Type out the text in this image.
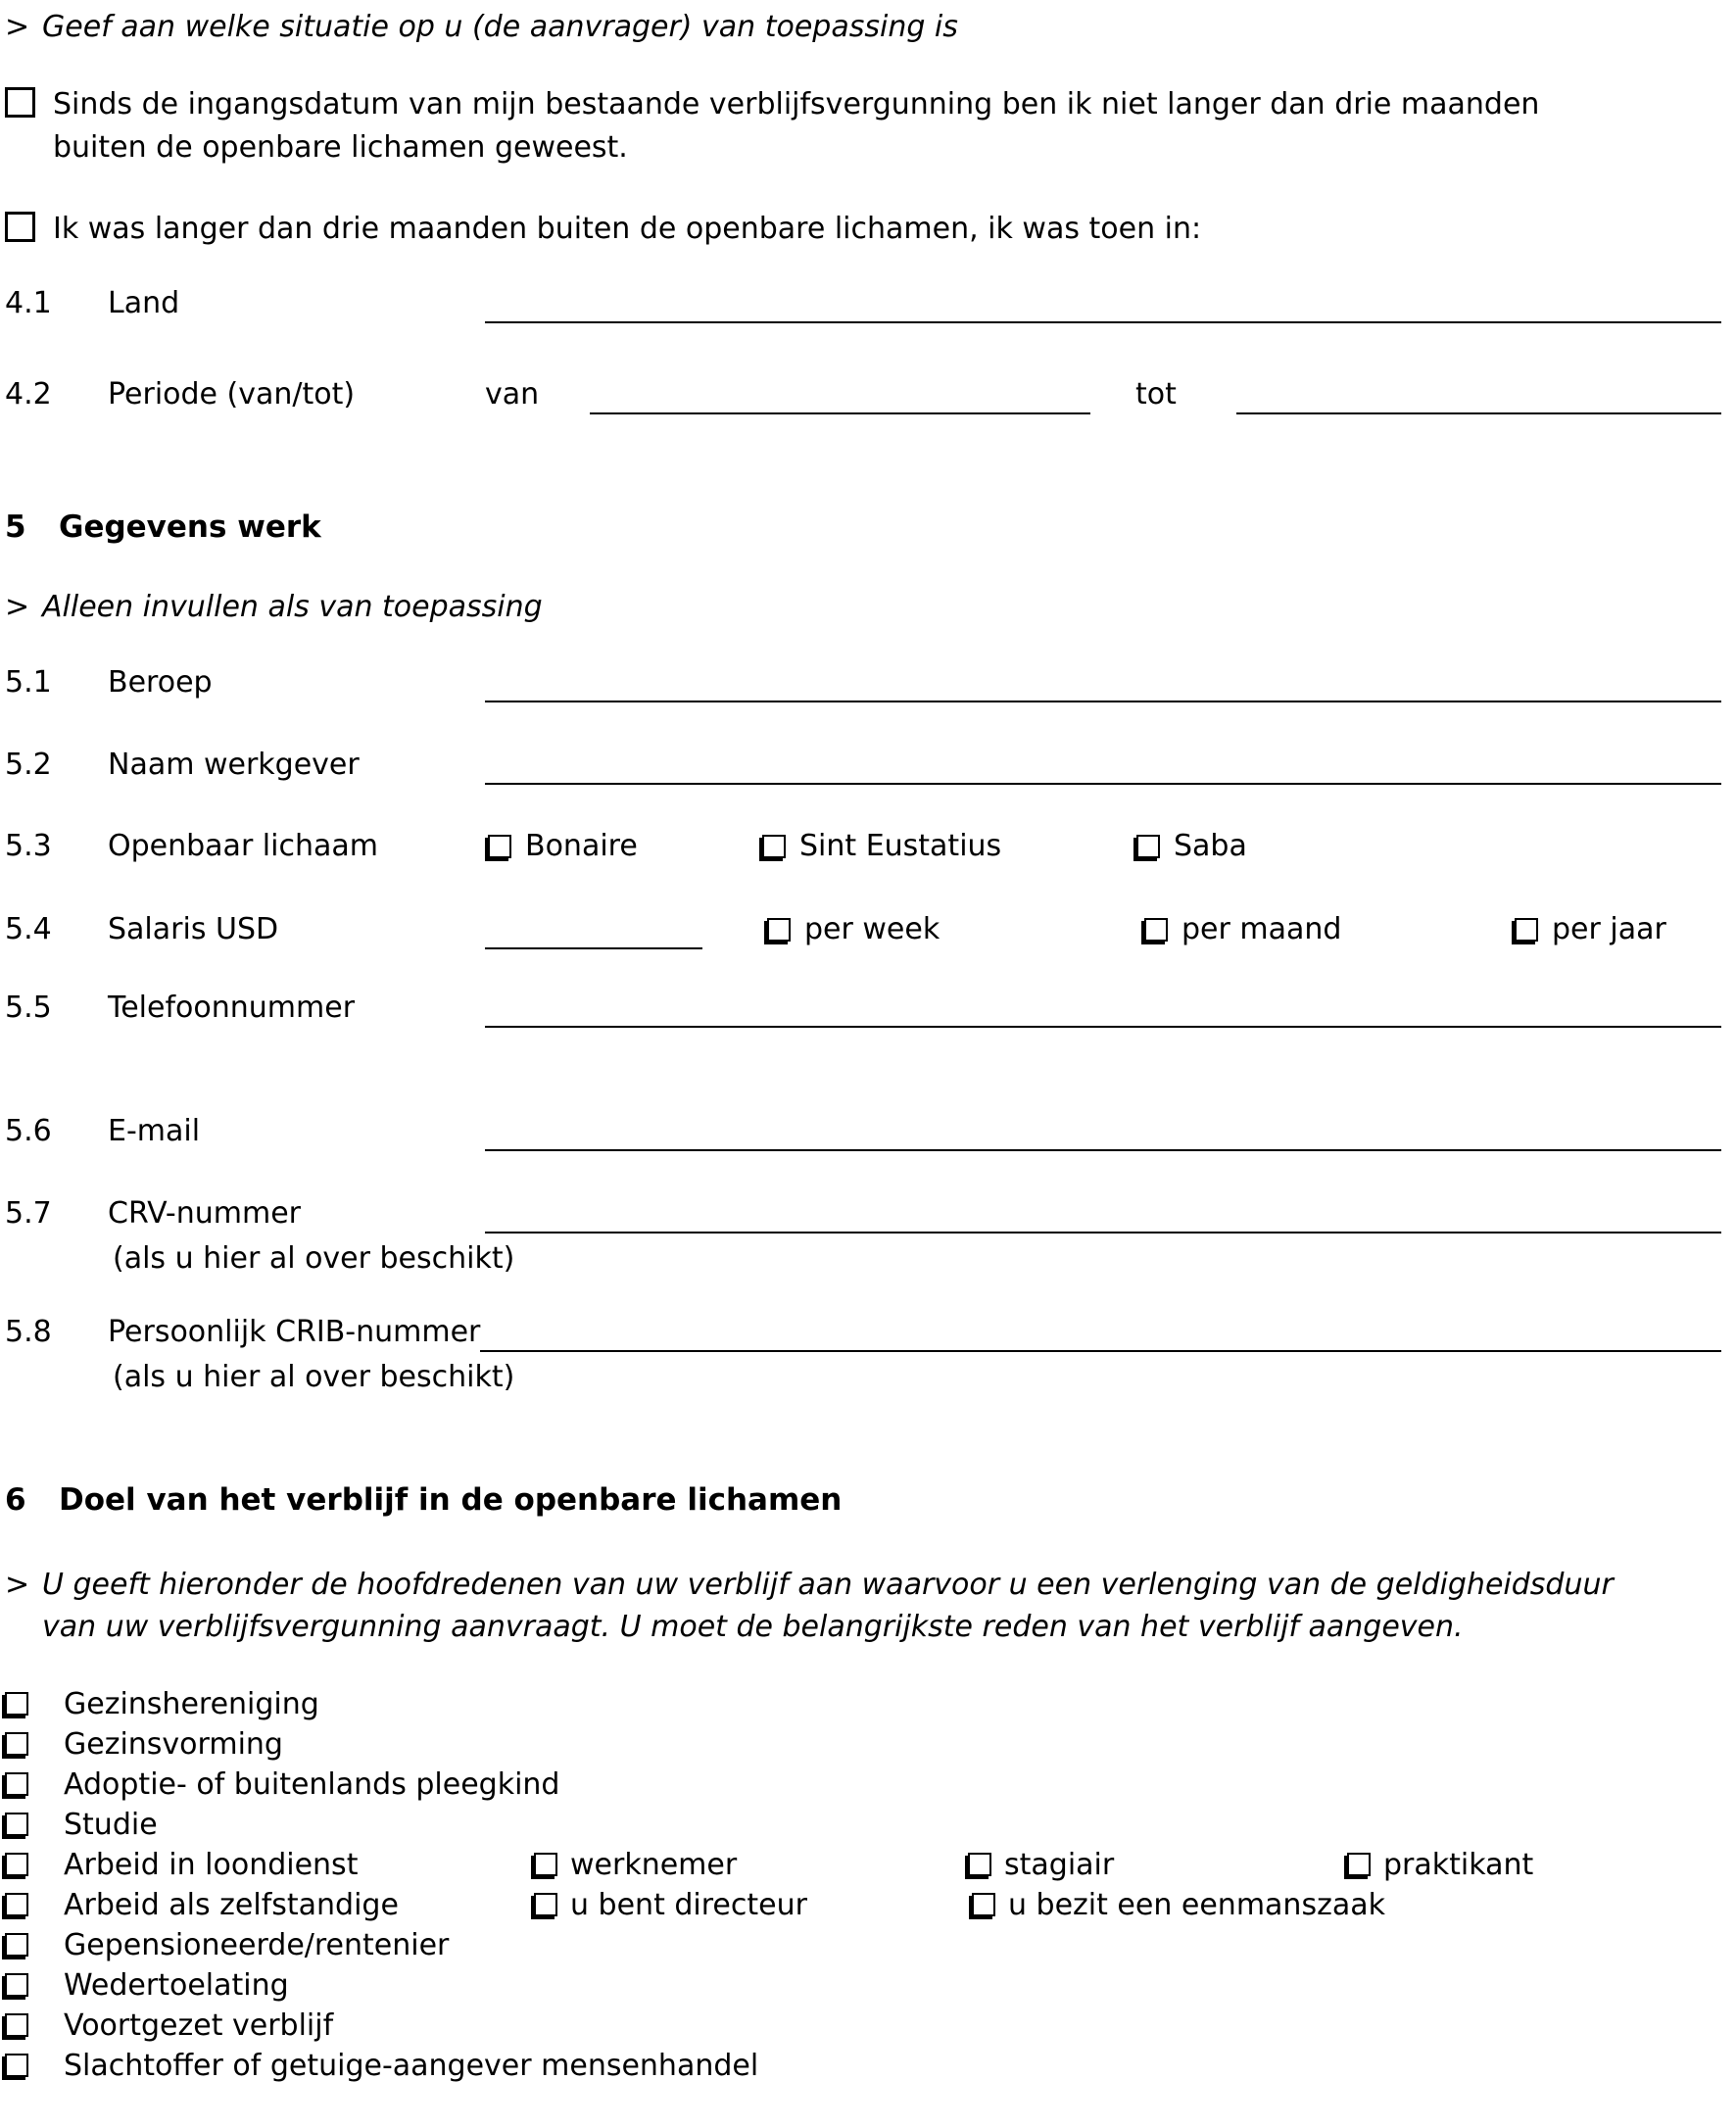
> Geef aan welke situatie op u (de aanvrager) van toepassing is
Sinds de ingangsdatum van mijn bestaande verblijfsvergunning ben ik niet langer dan drie maanden buiten de openbare lichamen geweest.
Ik was langer dan drie maanden buiten de openbare lichamen, ik was toen in:
4.1	Land
4.2	Periode (van/tot)	van	tot
5	Gegevens werk
> Alleen invullen als van toepassing
5.1	Beroep
5.2	Naam werkgever
5.3	Openbaar lichaam	Bonaire	Sint Eustatius	Saba
5.4	Salaris USD	per week	per maand	per jaar
5.5	Telefoonnummer
5.6	E-mail
5.7	CRV-nummer
(als u hier al over beschikt)
5.8	Persoonlijk CRIB-nummer
(als u hier al over beschikt)
6	Doel van het verblijf in de openbare lichamen
> U geeft hieronder de hoofdredenen van uw verblijf aan waarvoor u een verlenging van de geldigheidsduur van uw verblijfsvergunning aanvraagt. U moet de belangrijkste reden van het verblijf aangeven.
Gezinshereniging
Gezinsvorming
Adoptie- of buitenlands pleegkind
Studie
Arbeid in loondienst	werknemer	stagiair	praktikant
Arbeid als zelfstandige	u bent directeur	u bezit een eenmanszaak
Gepensioneerde/rentenier
Wedertoelating
Voortgezet verblijf
Slachtoffer of getuige-aangever mensenhandel
